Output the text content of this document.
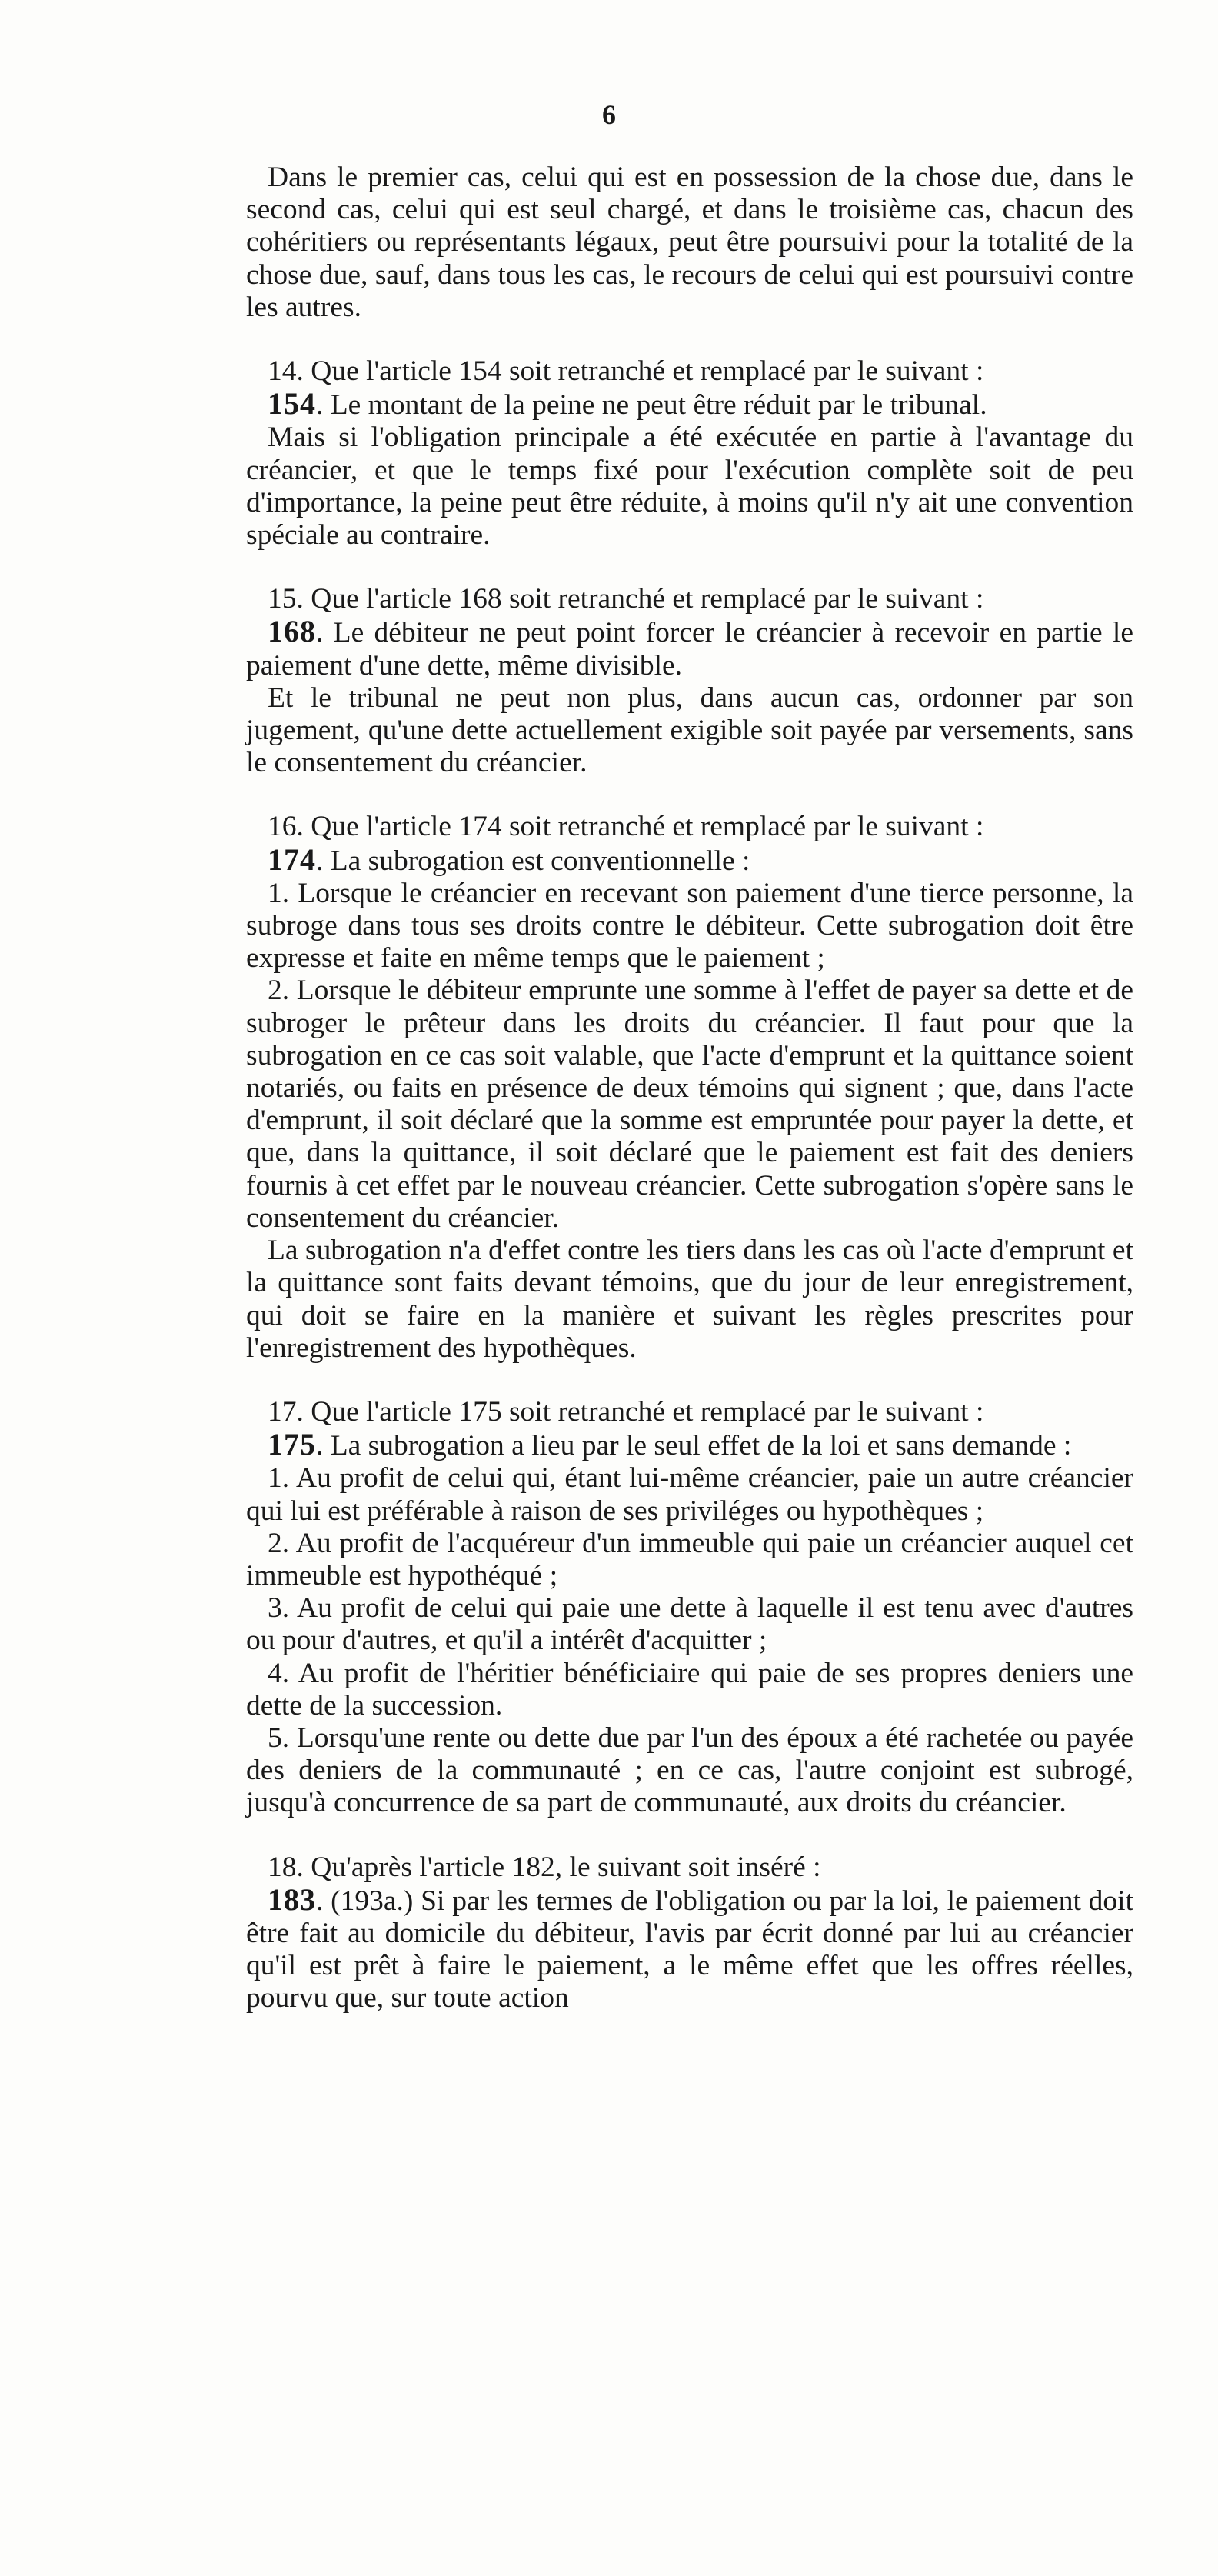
6

Dans le premier cas, celui qui est en possession de la chose due, dans le second cas, celui qui est seul chargé, et dans le troisième cas, chacun des cohéritiers ou représentants légaux, peut être poursuivi pour la totalité de la chose due, sauf, dans tous les cas, le recours de celui qui est poursuivi contre les autres.

14. Que l'article 154 soit retranché et remplacé par le suivant :

154. Le montant de la peine ne peut être réduit par le tribunal.

Mais si l'obligation principale a été exécutée en partie à l'avantage du créancier, et que le temps fixé pour l'exécution complète soit de peu d'importance, la peine peut être réduite, à moins qu'il n'y ait une convention spéciale au contraire.

15. Que l'article 168 soit retranché et remplacé par le suivant :

168. Le débiteur ne peut point forcer le créancier à recevoir en partie le paiement d'une dette, même divisible.

Et le tribunal ne peut non plus, dans aucun cas, ordonner par son jugement, qu'une dette actuellement exigible soit payée par versements, sans le consentement du créancier.

16. Que l'article 174 soit retranché et remplacé par le suivant :

174. La subrogation est conventionnelle :

1. Lorsque le créancier en recevant son paiement d'une tierce personne, la subroge dans tous ses droits contre le débiteur. Cette subrogation doit être expresse et faite en même temps que le paiement ;

2. Lorsque le débiteur emprunte une somme à l'effet de payer sa dette et de subroger le prêteur dans les droits du créancier. Il faut pour que la subrogation en ce cas soit valable, que l'acte d'emprunt et la quittance soient notariés, ou faits en présence de deux témoins qui signent ; que, dans l'acte d'emprunt, il soit déclaré que la somme est empruntée pour payer la dette, et que, dans la quittance, il soit déclaré que le paiement est fait des deniers fournis à cet effet par le nouveau créancier. Cette subrogation s'opère sans le consentement du créancier.

La subrogation n'a d'effet contre les tiers dans les cas où l'acte d'emprunt et la quittance sont faits devant témoins, que du jour de leur enregistrement, qui doit se faire en la manière et suivant les règles prescrites pour l'enregistrement des hypothèques.

17. Que l'article 175 soit retranché et remplacé par le suivant :

175. La subrogation a lieu par le seul effet de la loi et sans demande :

1. Au profit de celui qui, étant lui-même créancier, paie un autre créancier qui lui est préférable à raison de ses priviléges ou hypothèques ;

2. Au profit de l'acquéreur d'un immeuble qui paie un créancier auquel cet immeuble est hypothéqué ;

3. Au profit de celui qui paie une dette à laquelle il est tenu avec d'autres ou pour d'autres, et qu'il a intérêt d'acquitter ;

4. Au profit de l'héritier bénéficiaire qui paie de ses propres deniers une dette de la succession.

5. Lorsqu'une rente ou dette due par l'un des époux a été rachetée ou payée des deniers de la communauté ; en ce cas, l'autre conjoint est subrogé, jusqu'à concurrence de sa part de communauté, aux droits du créancier.

18. Qu'après l'article 182, le suivant soit inséré :

183. (193a.) Si par les termes de l'obligation ou par la loi, le paiement doit être fait au domicile du débiteur, l'avis par écrit donné par lui au créancier qu'il est prêt à faire le paiement, a le même effet que les offres réelles, pourvu que, sur toute action
